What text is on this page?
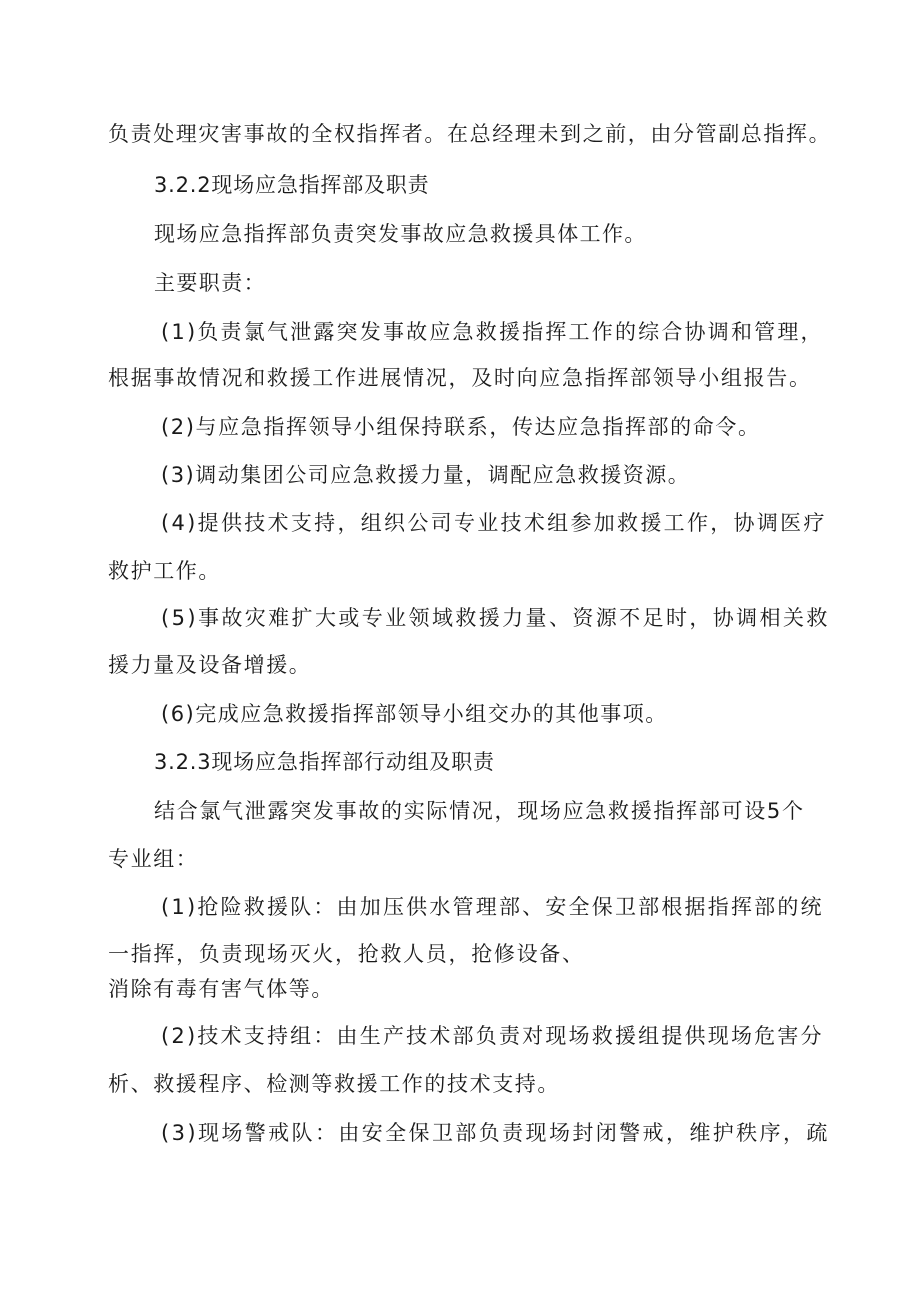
负责处理灾害事故的全权指挥者。在总经理未到之前，由分管副总指挥。
3.2.2现场应急指挥部及职责
现场应急指挥部负责突发事故应急救援具体工作。
主要职责：
(1)负责氯气泄露突发事故应急救援指挥工作的综合协调和管理，
根据事故情况和救援工作进展情况，及时向应急指挥部领导小组报告。
(2)与应急指挥领导小组保持联系，传达应急指挥部的命令。
(3)调动集团公司应急救援力量，调配应急救援资源。
(4)提供技术支持，组织公司专业技术组参加救援工作，协调医疗
救护工作。
(5)事故灾难扩大或专业领域救援力量、资源不足时，协调相关救
援力量及设备增援。
(6)完成应急救援指挥部领导小组交办的其他事项。
3.2.3现场应急指挥部行动组及职责
结合氯气泄露突发事故的实际情况，现场应急救援指挥部可设5个
专业组：
(1)抢险救援队：由加压供水管理部、安全保卫部根据指挥部的统
一指挥，负责现场灭火，抢救人员，抢修设备、
消除有毒有害气体等。
(2)技术支持组：由生产技术部负责对现场救援组提供现场危害分
析、救援程序、检测等救援工作的技术支持。
(3)现场警戒队：由安全保卫部负责现场封闭警戒，维护秩序，疏
